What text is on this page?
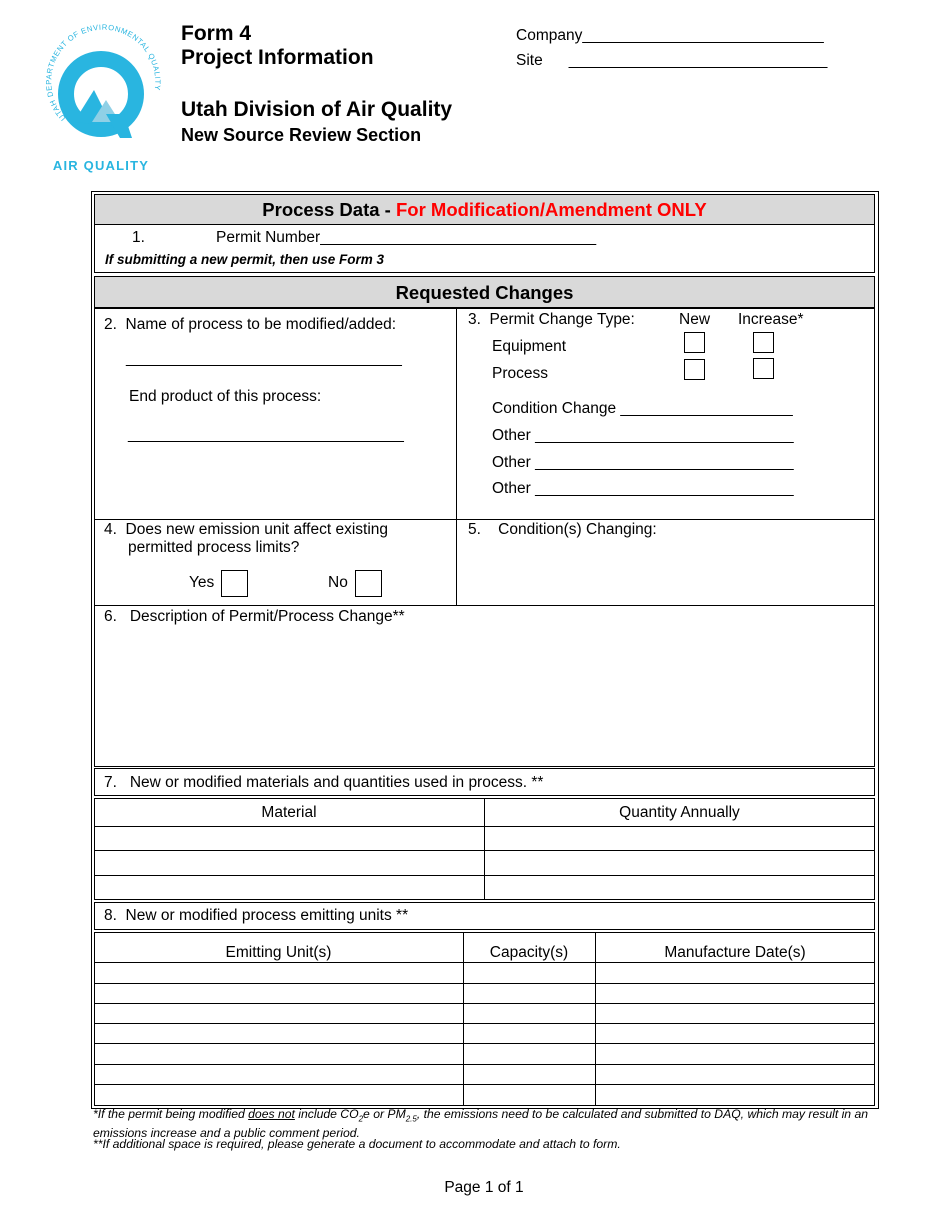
UTAH DEPARTMENT OF ENVIRONMENTAL QUALITY
AIR QUALITY
Form 4
Project Information
Utah Division of Air Quality
New Source Review Section
Company____________________________
Site ______________________________
Process Data - For Modification/Amendment ONLY
1.	Permit Number________________________________
If submitting a new permit, then use Form 3
Requested Changes
2.  Name of process to be modified/added:
________________________________
End product of this process:
________________________________
3.  Permit Change Type:	New Increase*
Equipment
Process
Condition Change ____________________
Other ______________________________
Other ______________________________
Other ______________________________
4.  Does new emission unit affect existing
permitted process limits?
Yes	No
5.    Condition(s) Changing:
6.   Description of Permit/Process Change**
7.   New or modified materials and quantities used in process. **
Material	Quantity Annually
8.  New or modified process emitting units **
Emitting Unit(s)	Capacity(s)	Manufacture Date(s)
*If the permit being modified does not include $CO_2e$ or $PM_{2.5}$, the emissions need to be calculated and submitted to DAQ, which may result in an emissions increase and a public comment period.
**If additional space is required, please generate a document to accommodate and attach to form.
Page 1 of 1
